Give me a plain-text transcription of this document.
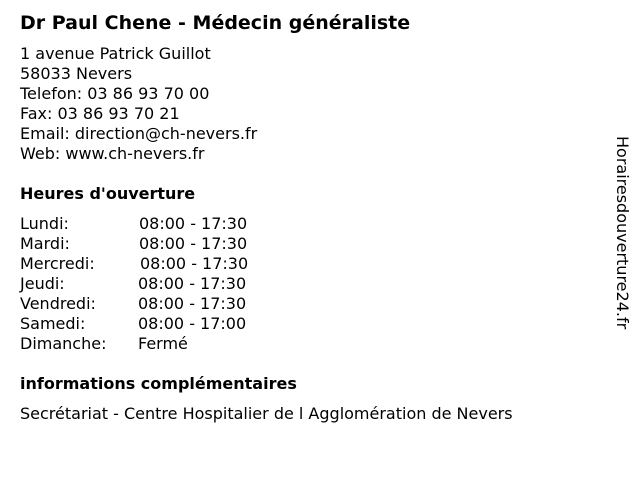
Dr Paul Chene - Médecin généraliste
1 avenue Patrick Guillot
58033 Nevers
Telefon: 03 86 93 70 00
Fax: 03 86 93 70 21
Email: direction@ch-nevers.fr
Web: www.ch-nevers.fr
Heures d'ouverture
Lundi:	08:00 - 17:30
Mardi:	08:00 - 17:30
Mercredi:	08:00 - 17:30
Jeudi:	08:00 - 17:30
Vendredi:	08:00 - 17:30
Samedi:	08:00 - 17:00
Dimanche: Fermé
informations complémentaires
Secrétariat - Centre Hospitalier de l Agglomération de Nevers
Horairesdouverture24.fr
